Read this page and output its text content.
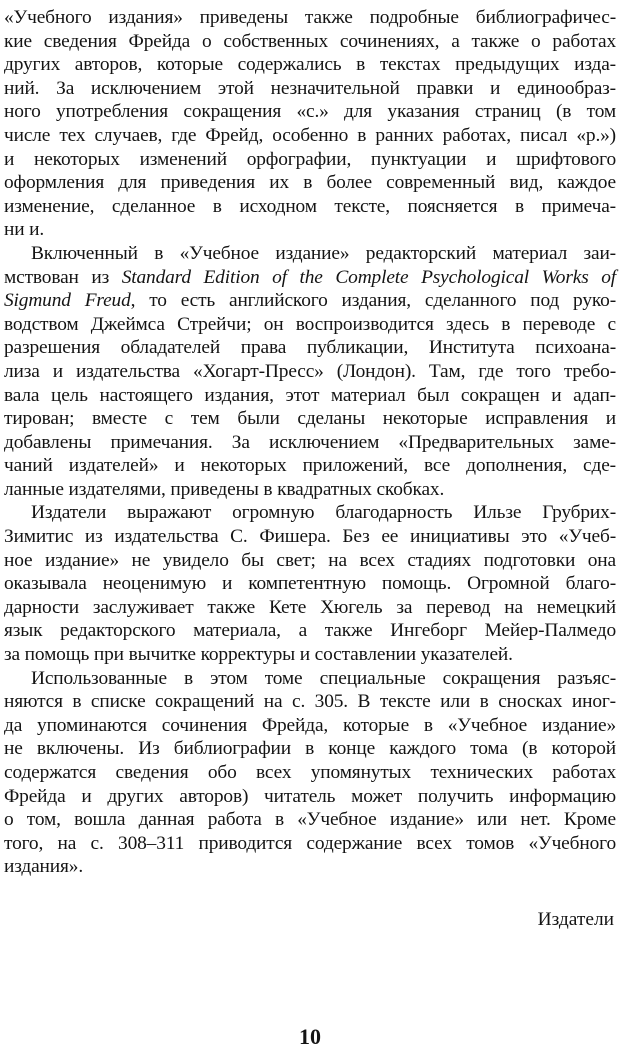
«Учебного издания» приведены также подробные библиографичес-
кие сведения Фрейда о собственных сочинениях, а также о работах
других авторов, которые содержались в текстах предыдущих изда-
ний. За исключением этой незначительной правки и единообраз-
ного употребления сокращения «с.» для указания страниц (в том
числе тех случаев, где Фрейд, особенно в ранних работах, писал «р.»)
и некоторых изменений орфографии, пунктуации и шрифтового
оформления для приведения их в более современный вид, каждое
изменение, сделанное в исходном тексте, поясняется в примеча-
ни и.
Включенный в «Учебное издание» редакторский материал заи-
мствован из Standard Edition of the Complete Psychological Works of
Sigmund Freud, то есть английского издания, сделанного под руко-
водством Джеймса Стрейчи; он воспроизводится здесь в переводе с
разрешения обладателей права публикации, Института психоана-
лиза и издательства «Хогарт-Пресс» (Лондон). Там, где того требо-
вала цель настоящего издания, этот материал был сокращен и адап-
тирован; вместе с тем были сделаны некоторые исправления и
добавлены примечания. За исключением «Предварительных заме-
чаний издателей» и некоторых приложений, все дополнения, сде-
ланные издателями, приведены в квадратных скобках.
Издатели выражают огромную благодарность Ильзе Грубрих-
Зимитис из издательства С. Фишера. Без ее инициативы это «Учеб-
ное издание» не увидело бы свет; на всех стадиях подготовки она
оказывала неоценимую и компетентную помощь. Огромной благо-
дарности заслуживает также Кете Хюгель за перевод на немецкий
язык редакторского материала, а также Ингеборг Мейер-Палмедо
за помощь при вычитке корректуры и составлении указателей.
Использованные в этом томе специальные сокращения разъяс-
няются в списке сокращений на с. 305. В тексте или в сносках иног-
да упоминаются сочинения Фрейда, которые в «Учебное издание»
не включены. Из библиографии в конце каждого тома (в которой
содержатся сведения обо всех упомянутых технических работах
Фрейда и других авторов) читатель может получить информацию
о том, вошла данная работа в «Учебное издание» или нет. Кроме
того, на с. 308–311 приводится содержание всех томов «Учебного
издания».
Издатели
10
